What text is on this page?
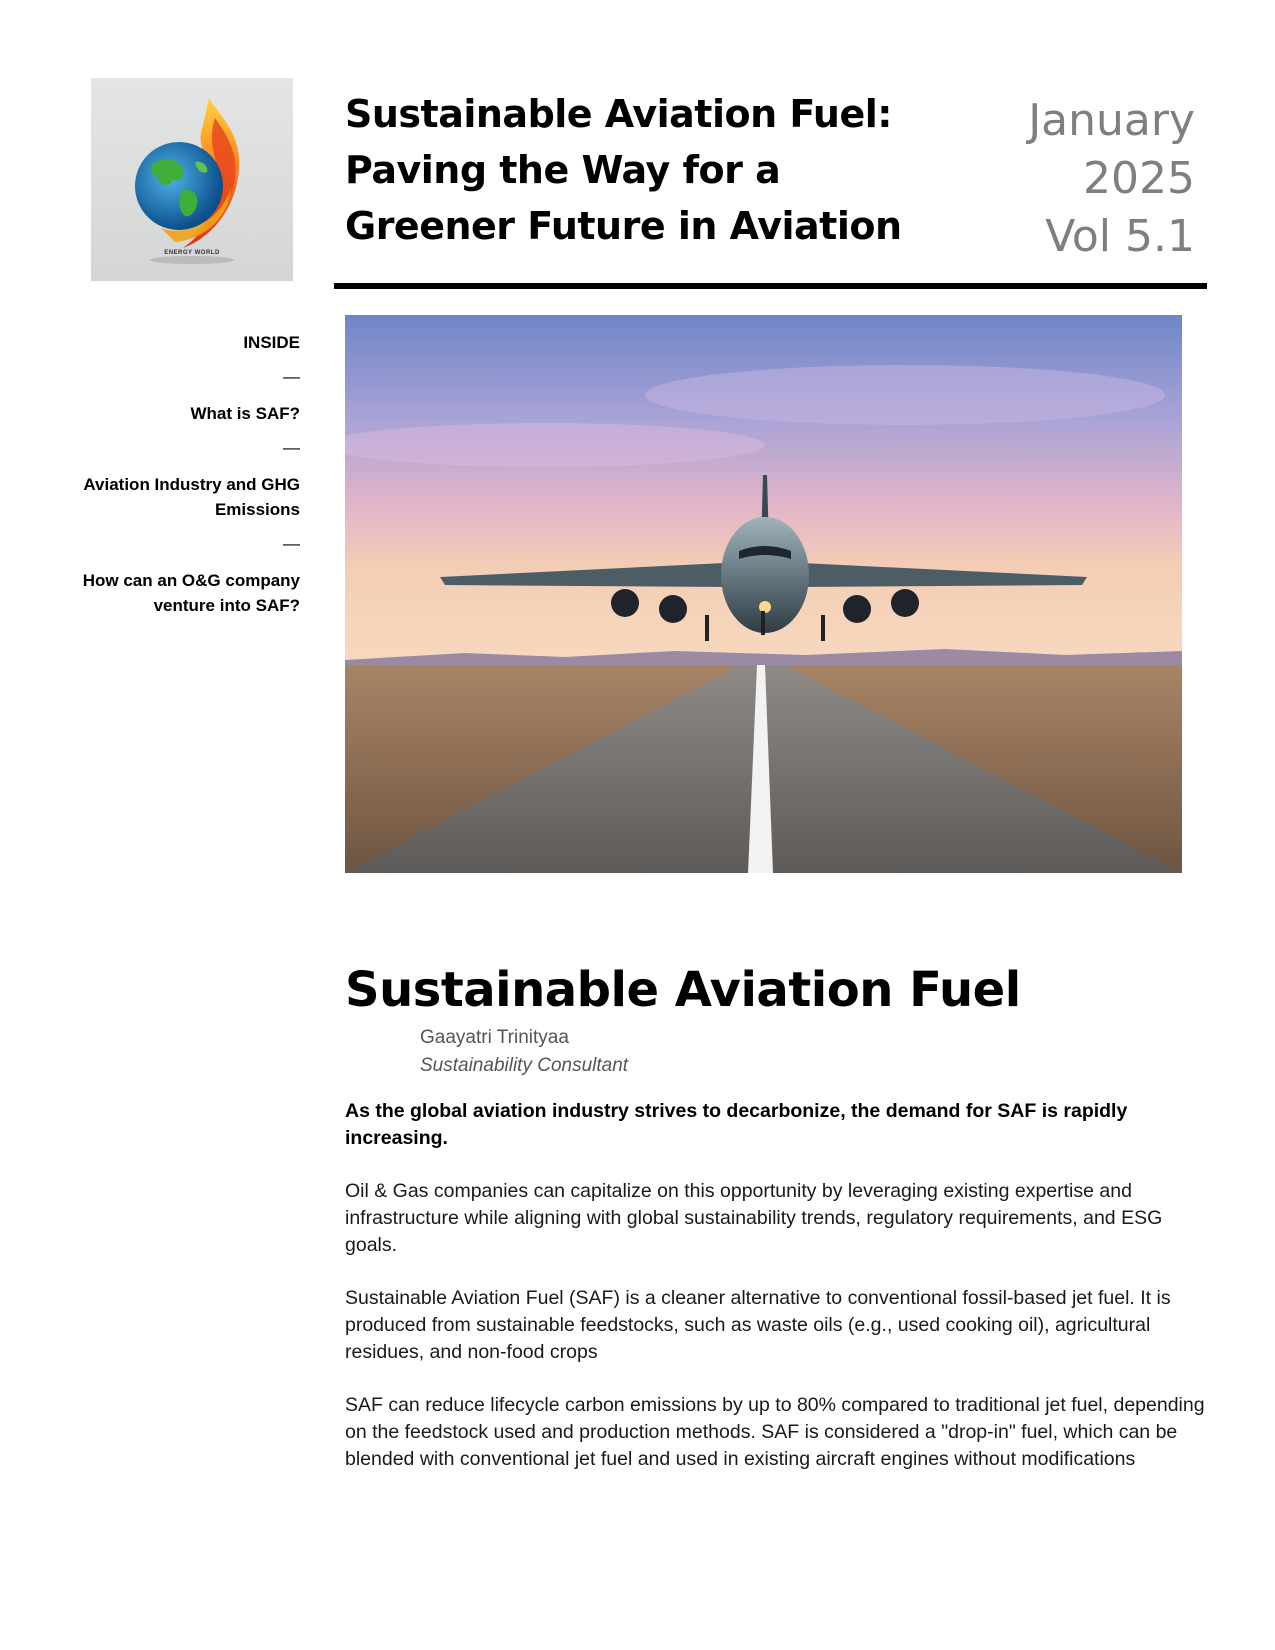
ENERGY WORLD
Sustainable Aviation Fuel: Paving the Way for a Greener Future in Aviation
January
2025
Vol 5.1
INSIDE
—
What is SAF?
—
Aviation Industry and GHG Emissions
—
How can an O&G company venture into SAF?
Sustainable Aviation Fuel
Gaayatri Trinityaa
Sustainability Consultant

As the global aviation industry strives to decarbonize, the demand for SAF is rapidly increasing.

Oil & Gas companies can capitalize on this opportunity by leveraging existing expertise and infrastructure while aligning with global sustainability trends, regulatory requirements, and ESG goals.

Sustainable Aviation Fuel (SAF) is a cleaner alternative to conventional fossil-based jet fuel. It is produced from sustainable feedstocks, such as waste oils (e.g., used cooking oil), agricultural residues, and non-food crops

SAF can reduce lifecycle carbon emissions by up to 80% compared to traditional jet fuel, depending on the feedstock used and production methods. SAF is considered a "drop-in" fuel, which can be blended with conventional jet fuel and used in existing aircraft engines without modifications
